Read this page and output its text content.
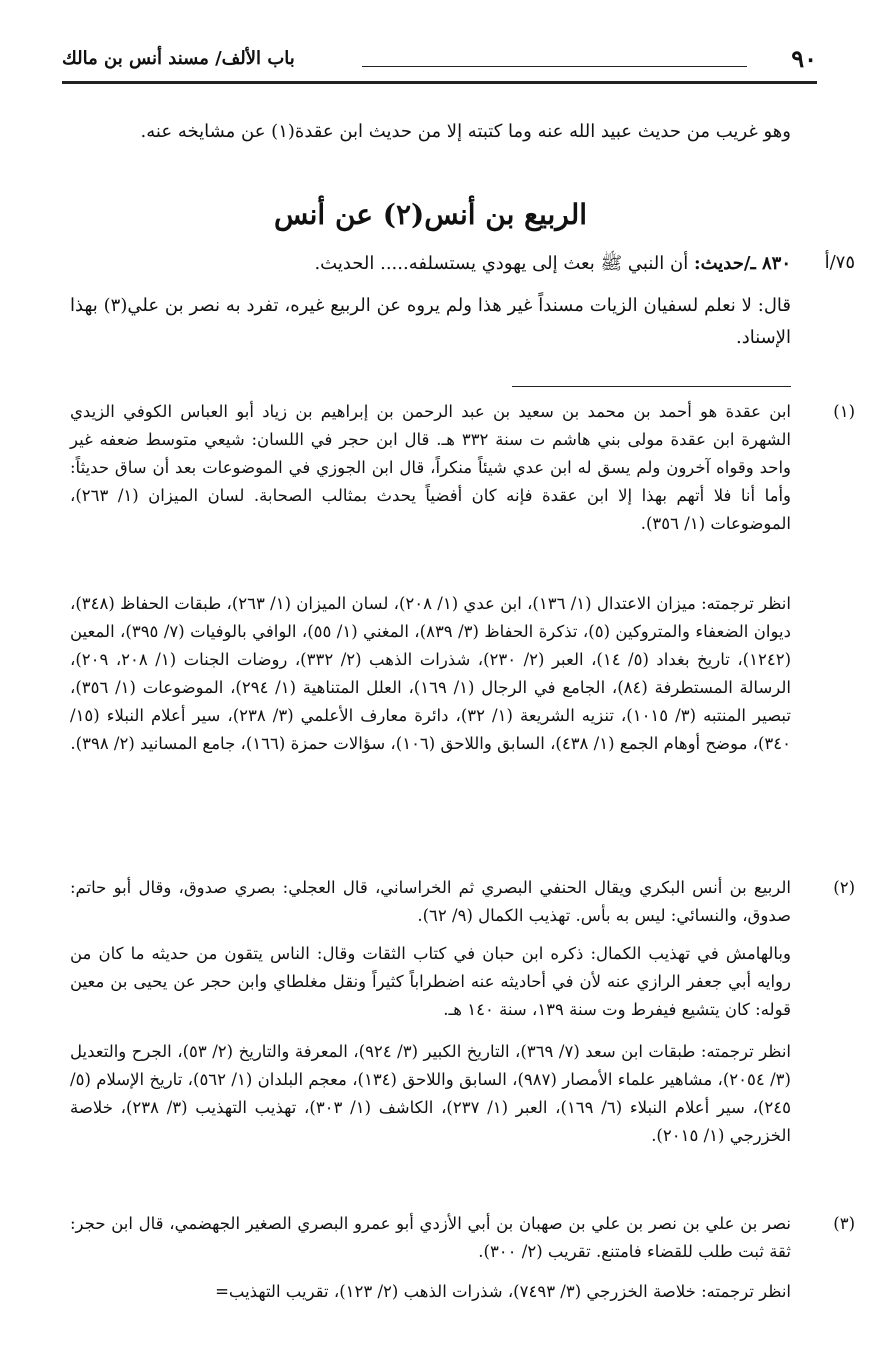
٩٠
باب الألف/ مسند أنس بن مالك
وهو غريب من حديث عبيد الله عنه وما كتبته إلا من حديث ابن عقدة(١) عن مشايخه عنه.
الربيع بن أنس(٢) عن أنس
٧٥/أ
٨٣٠ ـ/حديث: أن النبي ﷺ بعث إلى يهودي يستسلفه..... الحديث.
قال: لا نعلم لسفيان الزيات مسنداً غير هذا ولم يروه عن الربيع غيره، تفرد به نصر بن علي(٣) بهذا الإسناد.
(١)
ابن عقدة هو أحمد بن محمد بن سعيد بن عبد الرحمن بن إبراهيم بن زياد أبو العباس الكوفي الزيدي الشهرة ابن عقدة مولى بني هاشم ت سنة ٣٣٢ هـ. قال ابن حجر في اللسان: شيعي متوسط ضعفه غير واحد وقواه آخرون ولم يسق له ابن عدي شيئاً منكراً، قال ابن الجوزي في الموضوعات بعد أن ساق حديثاً: وأما أنا فلا أتهم بهذا إلا ابن عقدة فإنه كان أفضياً يحدث بمثالب الصحابة. لسان الميزان (١/ ٢٦٣)، الموضوعات (١/ ٣٥٦).
انظر ترجمته: ميزان الاعتدال (١/ ١٣٦)، ابن عدي (١/ ٢٠٨)، لسان الميزان (١/ ٢٦٣)، طبقات الحفاظ (٣٤٨)، ديوان الضعفاء والمتروكين (٥)، تذكرة الحفاظ (٣/ ٨٣٩)، المغني (١/ ٥٥)، الوافي بالوفيات (٧/ ٣٩٥)، المعين (١٢٤٢)، تاريخ بغداد (٥/ ١٤)، العبر (٢/ ٢٣٠)، شذرات الذهب (٢/ ٣٣٢)، روضات الجنات (١/ ٢٠٨، ٢٠٩)، الرسالة المستطرفة (٨٤)، الجامع في الرجال (١/ ١٦٩)، العلل المتناهية (١/ ٢٩٤)، الموضوعات (١/ ٣٥٦)، تبصير المنتبه (٣/ ١٠١٥)، تنزيه الشريعة (١/ ٣٢)، دائرة معارف الأعلمي (٣/ ٢٣٨)، سير أعلام النبلاء (١٥/ ٣٤٠)، موضح أوهام الجمع (١/ ٤٣٨)، السابق واللاحق (١٠٦)، سؤالات حمزة (١٦٦)، جامع المسانيد (٢/ ٣٩٨).
(٢)
الربيع بن أنس البكري ويقال الحنفي البصري ثم الخراساني، قال العجلي: بصري صدوق، وقال أبو حاتم: صدوق، والنسائي: ليس به بأس. تهذيب الكمال (٩/ ٦٢).
وبالهامش في تهذيب الكمال: ذكره ابن حبان في كتاب الثقات وقال: الناس يتقون من حديثه ما كان من روايه أبي جعفر الرازي عنه لأن في أحاديثه عنه اضطراباً كثيراً ونقل مغلطاي وابن حجر عن يحيى بن معين قوله: كان يتشيع فيفرط وت سنة ١٣٩، سنة ١٤٠ هـ.
انظر ترجمته: طبقات ابن سعد (٧/ ٣٦٩)، التاريخ الكبير (٣/ ٩٢٤)، المعرفة والتاريخ (٢/ ٥٣)، الجرح والتعديل (٣/ ٢٠٥٤)، مشاهير علماء الأمصار (٩٨٧)، السابق واللاحق (١٣٤)، معجم البلدان (١/ ٥٦٢)، تاريخ الإسلام (٥/ ٢٤٥)، سير أعلام النبلاء (٦/ ١٦٩)، العبر (١/ ٢٣٧)، الكاشف (١/ ٣٠٣)، تهذيب التهذيب (٣/ ٢٣٨)، خلاصة الخزرجي (١/ ٢٠١٥).
(٣)
نصر بن علي بن نصر بن علي بن صهبان بن أبي الأزدي أبو عمرو البصري الصغير الجهضمي، قال ابن حجر: ثقة ثبت طلب للقضاء فامتنع. تقريب (٢/ ٣٠٠).
انظر ترجمته: خلاصة الخزرجي (٣/ ٧٤٩٣)، شذرات الذهب (٢/ ١٢٣)، تقريب التهذيب=
